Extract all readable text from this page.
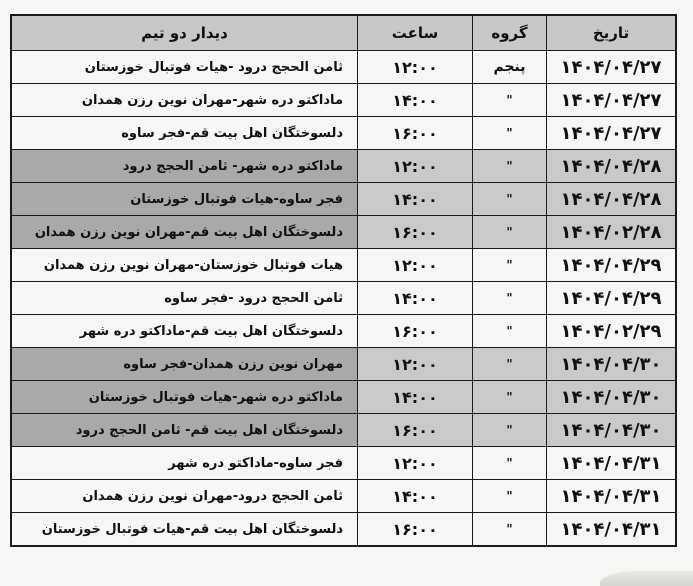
تاریخ	گروه	ساعت	دیدار دو تیم
۱۴۰۴/۰۴/۲۷	پنجم	۱۲:۰۰	ثامن الحجج درود -هیات فوتبال خوزستان
۱۴۰۴/۰۴/۲۷	"	۱۴:۰۰	ماداکتو دره شهر-مهران نوین رزن همدان
۱۴۰۴/۰۴/۲۷	"	۱۶:۰۰	دلسوختگان اهل بیت قم-فجر ساوه
۱۴۰۴/۰۴/۲۸	"	۱۲:۰۰	ماداکتو دره شهر- ثامن الحجج درود
۱۴۰۴/۰۴/۲۸	"	۱۴:۰۰	فجر ساوه-هیات فوتبال خوزستان
۱۴۰۴/۰۲/۲۸	"	۱۶:۰۰	دلسوختگان اهل بیت قم-مهران نوین رزن همدان
۱۴۰۴/۰۴/۲۹	"	۱۲:۰۰	هیات فوتبال خوزستان-مهران نوین رزن همدان
۱۴۰۴/۰۴/۲۹	"	۱۴:۰۰	ثامن الحجج درود -فجر ساوه
۱۴۰۴/۰۲/۲۹	"	۱۶:۰۰	دلسوختگان اهل بیت قم-ماداکتو دره شهر
۱۴۰۴/۰۴/۳۰	"	۱۲:۰۰	مهران نوین رزن همدان-فجر ساوه
۱۴۰۴/۰۴/۳۰	"	۱۴:۰۰	ماداکتو دره شهر-هیات فوتبال خوزستان
۱۴۰۴/۰۴/۳۰	"	۱۶:۰۰	دلسوختگان اهل بیت قم- ثامن الحجج درود
۱۴۰۴/۰۴/۳۱	"	۱۲:۰۰	فجر ساوه-ماداکتو دره شهر
۱۴۰۴/۰۴/۳۱	"	۱۴:۰۰	ثامن الحجج درود-مهران نوین رزن همدان
۱۴۰۴/۰۴/۳۱	"	۱۶:۰۰	دلسوختگان اهل بیت قم-هیات فوتبال خوزستان
